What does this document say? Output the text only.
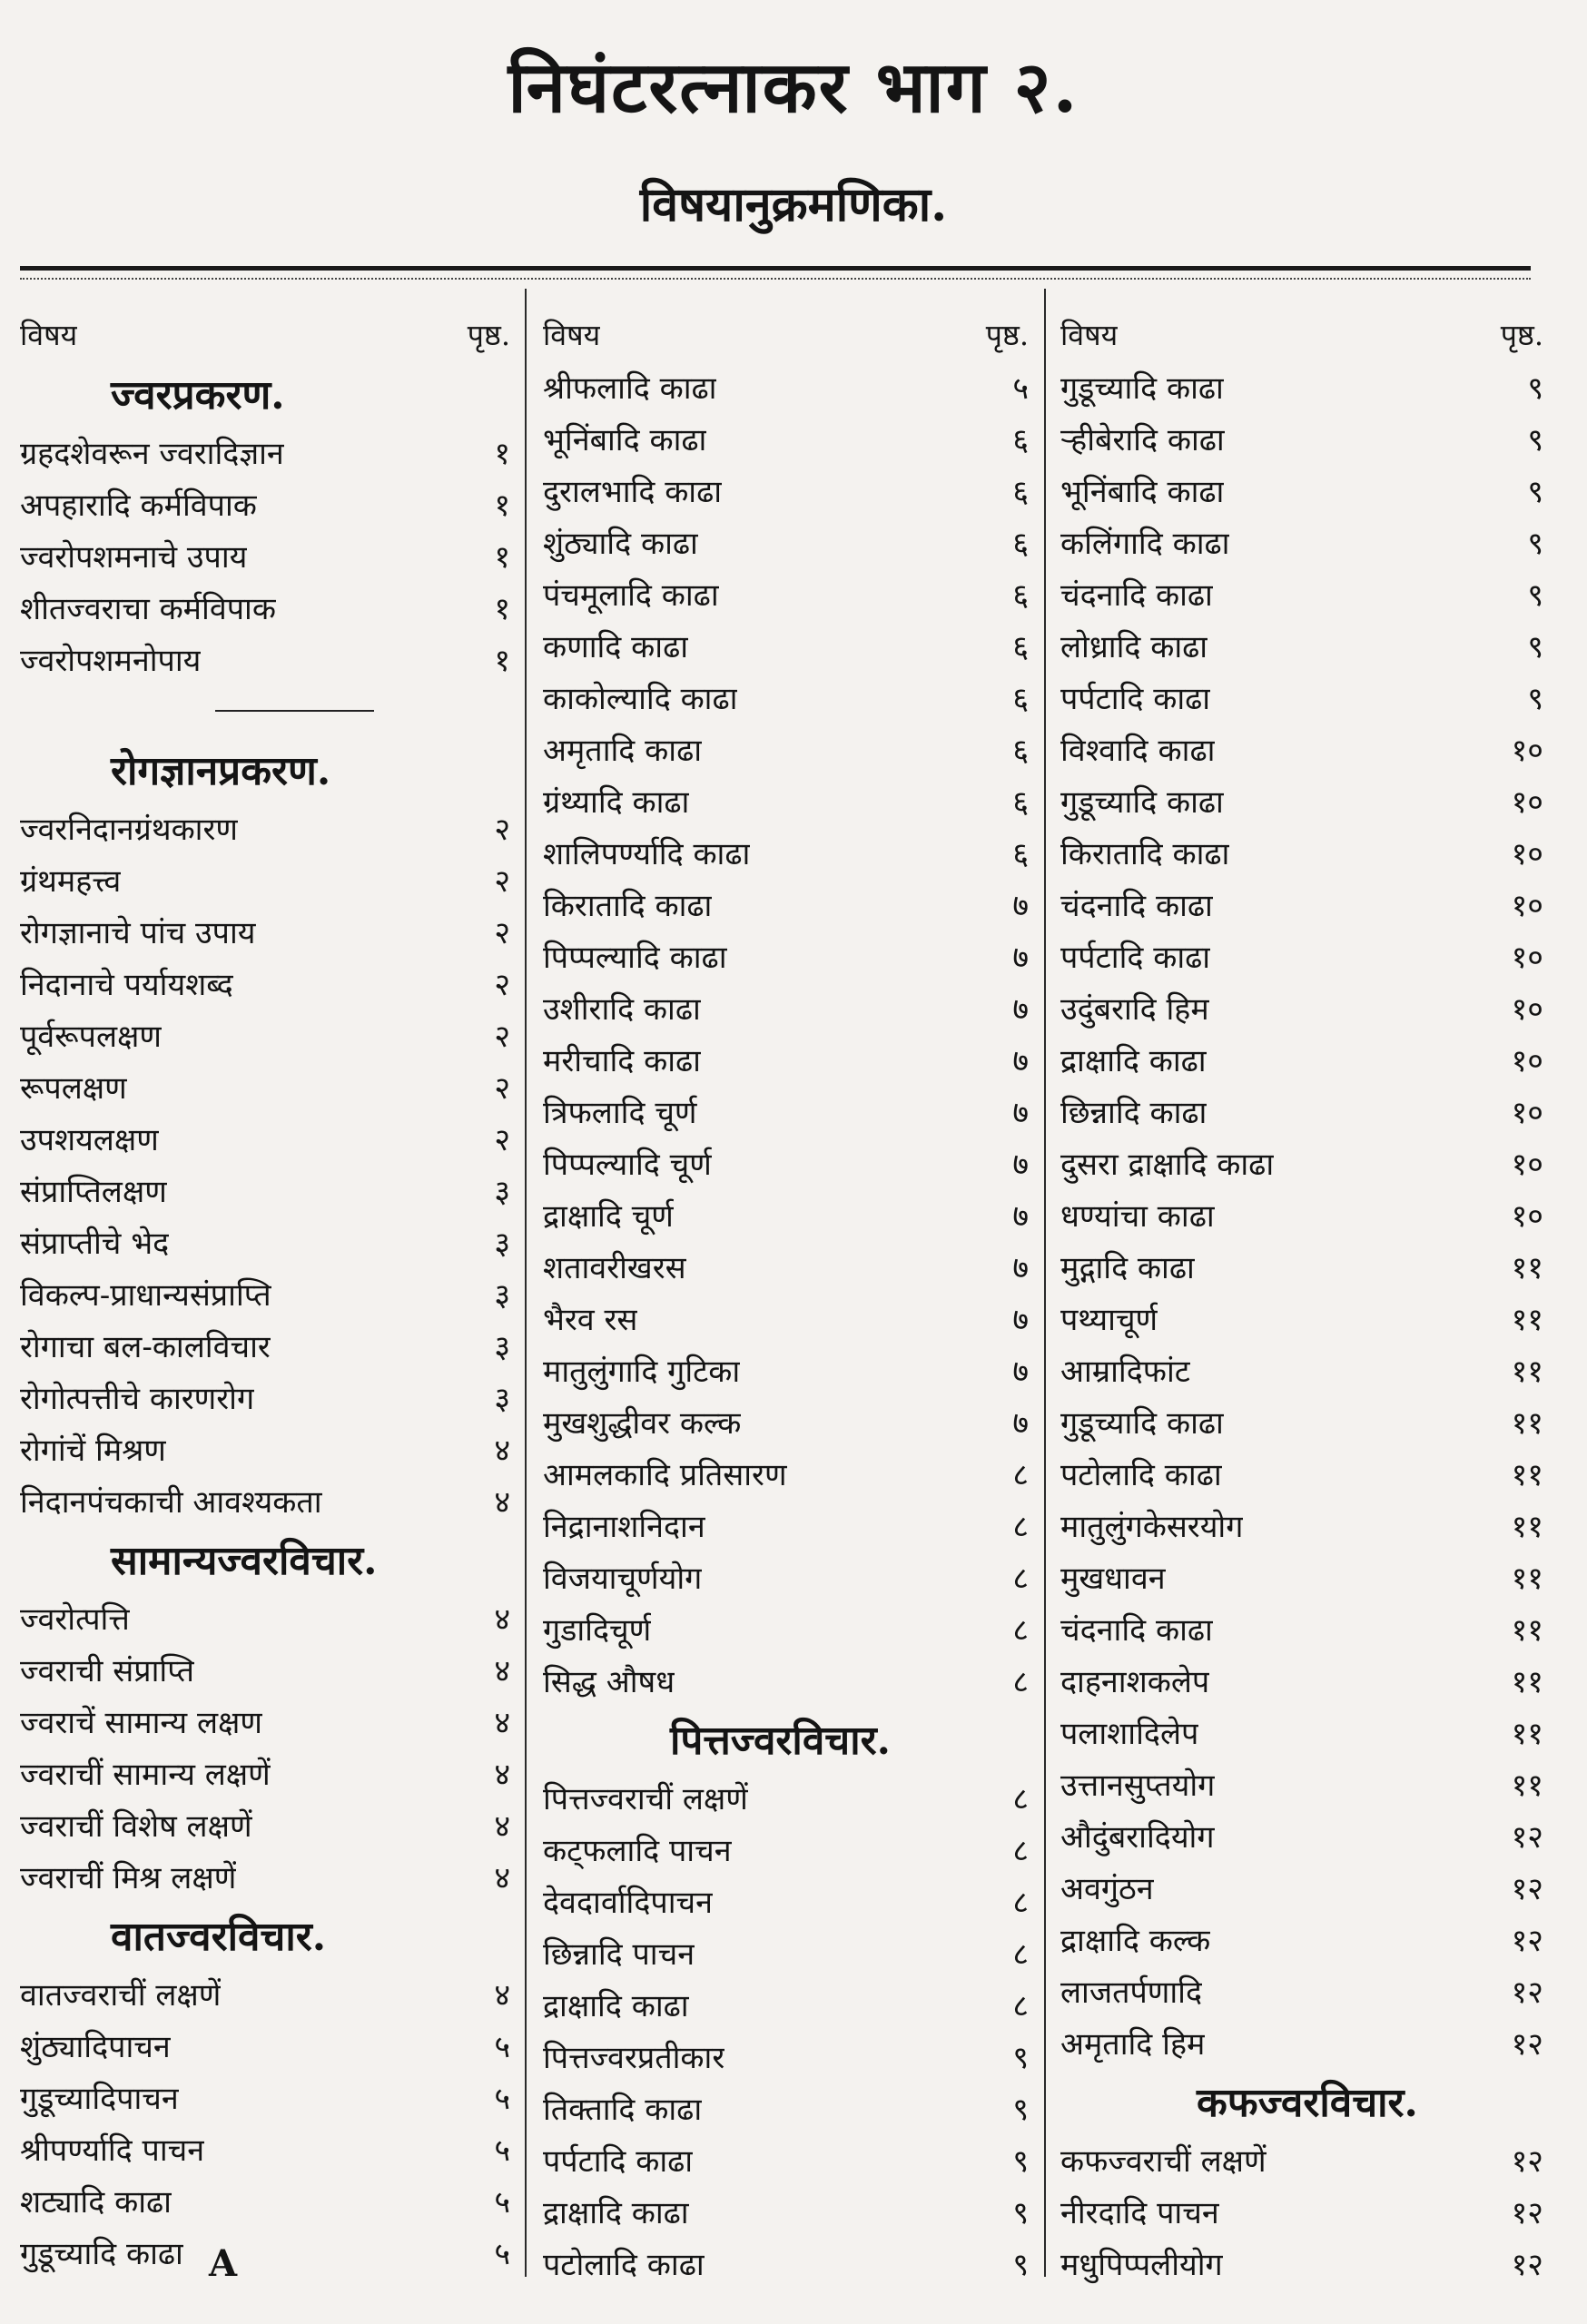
निघंटरत्नाकर भाग २.
विषयानुक्रमणिका.
विषय	पृष्ठ.
ज्वरप्रकरण.
ग्रहदशेवरून ज्वरादिज्ञान	१
अपहारादि कर्मविपाक	१
ज्वरोपशमनाचे उपाय	१
शीतज्वराचा कर्मविपाक	१
ज्वरोपशमनोपाय	१
रोगज्ञानप्रकरण.
ज्वरनिदानग्रंथकारण	२
ग्रंथमहत्त्व	२
रोगज्ञानाचे पांच उपाय	२
निदानाचे पर्यायशब्द	२
पूर्वरूपलक्षण	२
रूपलक्षण	२
उपशयलक्षण	२
संप्राप्तिलक्षण	३
संप्राप्तीचे भेद	३
विकल्प-प्राधान्यसंप्राप्ति	३
रोगाचा बल-कालविचार	३
रोगोत्पत्तीचे कारणरोग	३
रोगांचें मिश्रण	४
निदानपंचकाची आवश्यकता	४
सामान्यज्वरविचार.
ज्वरोत्पत्ति	४
ज्वराची संप्राप्ति	४
ज्वराचें सामान्य लक्षण	४
ज्वराचीं सामान्य लक्षणें	४
ज्वराचीं विशेष लक्षणें	४
ज्वराचीं मिश्र लक्षणें	४
वातज्वरविचार.
वातज्वराचीं लक्षणें	४
शुंठ्यादिपाचन	५
गुडूच्यादिपाचन	५
श्रीपर्ण्यादि पाचन	५
शट्यादि काढा	५
गुडूच्यादि काढा	५
विषय	पृष्ठ.
श्रीफलादि काढा	५
भूनिंबादि काढा	६
दुरालभादि काढा	६
शुंठ्यादि काढा	६
पंचमूलादि काढा	६
कणादि काढा	६
काकोल्यादि काढा	६
अमृतादि काढा	६
ग्रंथ्यादि काढा	६
शालिपर्ण्यादि काढा	६
किरातादि काढा	७
पिप्पल्यादि काढा	७
उशीरादि काढा	७
मरीचादि काढा	७
त्रिफलादि चूर्ण	७
पिप्पल्यादि चूर्ण	७
द्राक्षादि चूर्ण	७
शतावरीखरस	७
भैरव रस	७
मातुलुंगादि गुटिका	७
मुखशुद्धीवर कल्क	७
आमलकादि प्रतिसारण	८
निद्रानाशनिदान	८
विजयाचूर्णयोग	८
गुडादिचूर्ण	८
सिद्ध औषध	८
पित्तज्वरविचार.
पित्तज्वराचीं लक्षणें	८
कट्फलादि पाचन	८
देवदार्वादिपाचन	८
छिन्नादि पाचन	८
द्राक्षादि काढा	८
पित्तज्वरप्रतीकार	९
तिक्तादि काढा	९
पर्पटादि काढा	९
द्राक्षादि काढा	९
पटोलादि काढा	९
विषय	पृष्ठ.
गुडूच्यादि काढा	९
ऱ्हीबेरादि काढा	९
भूनिंबादि काढा	९
कलिंगादि काढा	९
चंदनादि काढा	९
लोध्रादि काढा	९
पर्पटादि काढा	९
विश्वादि काढा	१०
गुडूच्यादि काढा	१०
किरातादि काढा	१०
चंदनादि काढा	१०
पर्पटादि काढा	१०
उदुंबरादि हिम	१०
द्राक्षादि काढा	१०
छिन्नादि काढा	१०
दुसरा द्राक्षादि काढा	१०
धण्यांचा काढा	१०
मुद्गादि काढा	११
पथ्याचूर्ण	११
आम्रादिफांट	११
गुडूच्यादि काढा	११
पटोलादि काढा	११
मातुलुंगकेसरयोग	११
मुखधावन	११
चंदनादि काढा	११
दाहनाशकलेप	११
पलाशादिलेप	११
उत्तानसुप्तयोग	११
औदुंबरादियोग	१२
अवगुंठन	१२
द्राक्षादि कल्क	१२
लाजतर्पणादि	१२
अमृतादि हिम	१२
कफज्वरविचार.
कफज्वराचीं लक्षणें	१२
नीरदादि पाचन	१२
मधुपिप्पलीयोग	१२
A
